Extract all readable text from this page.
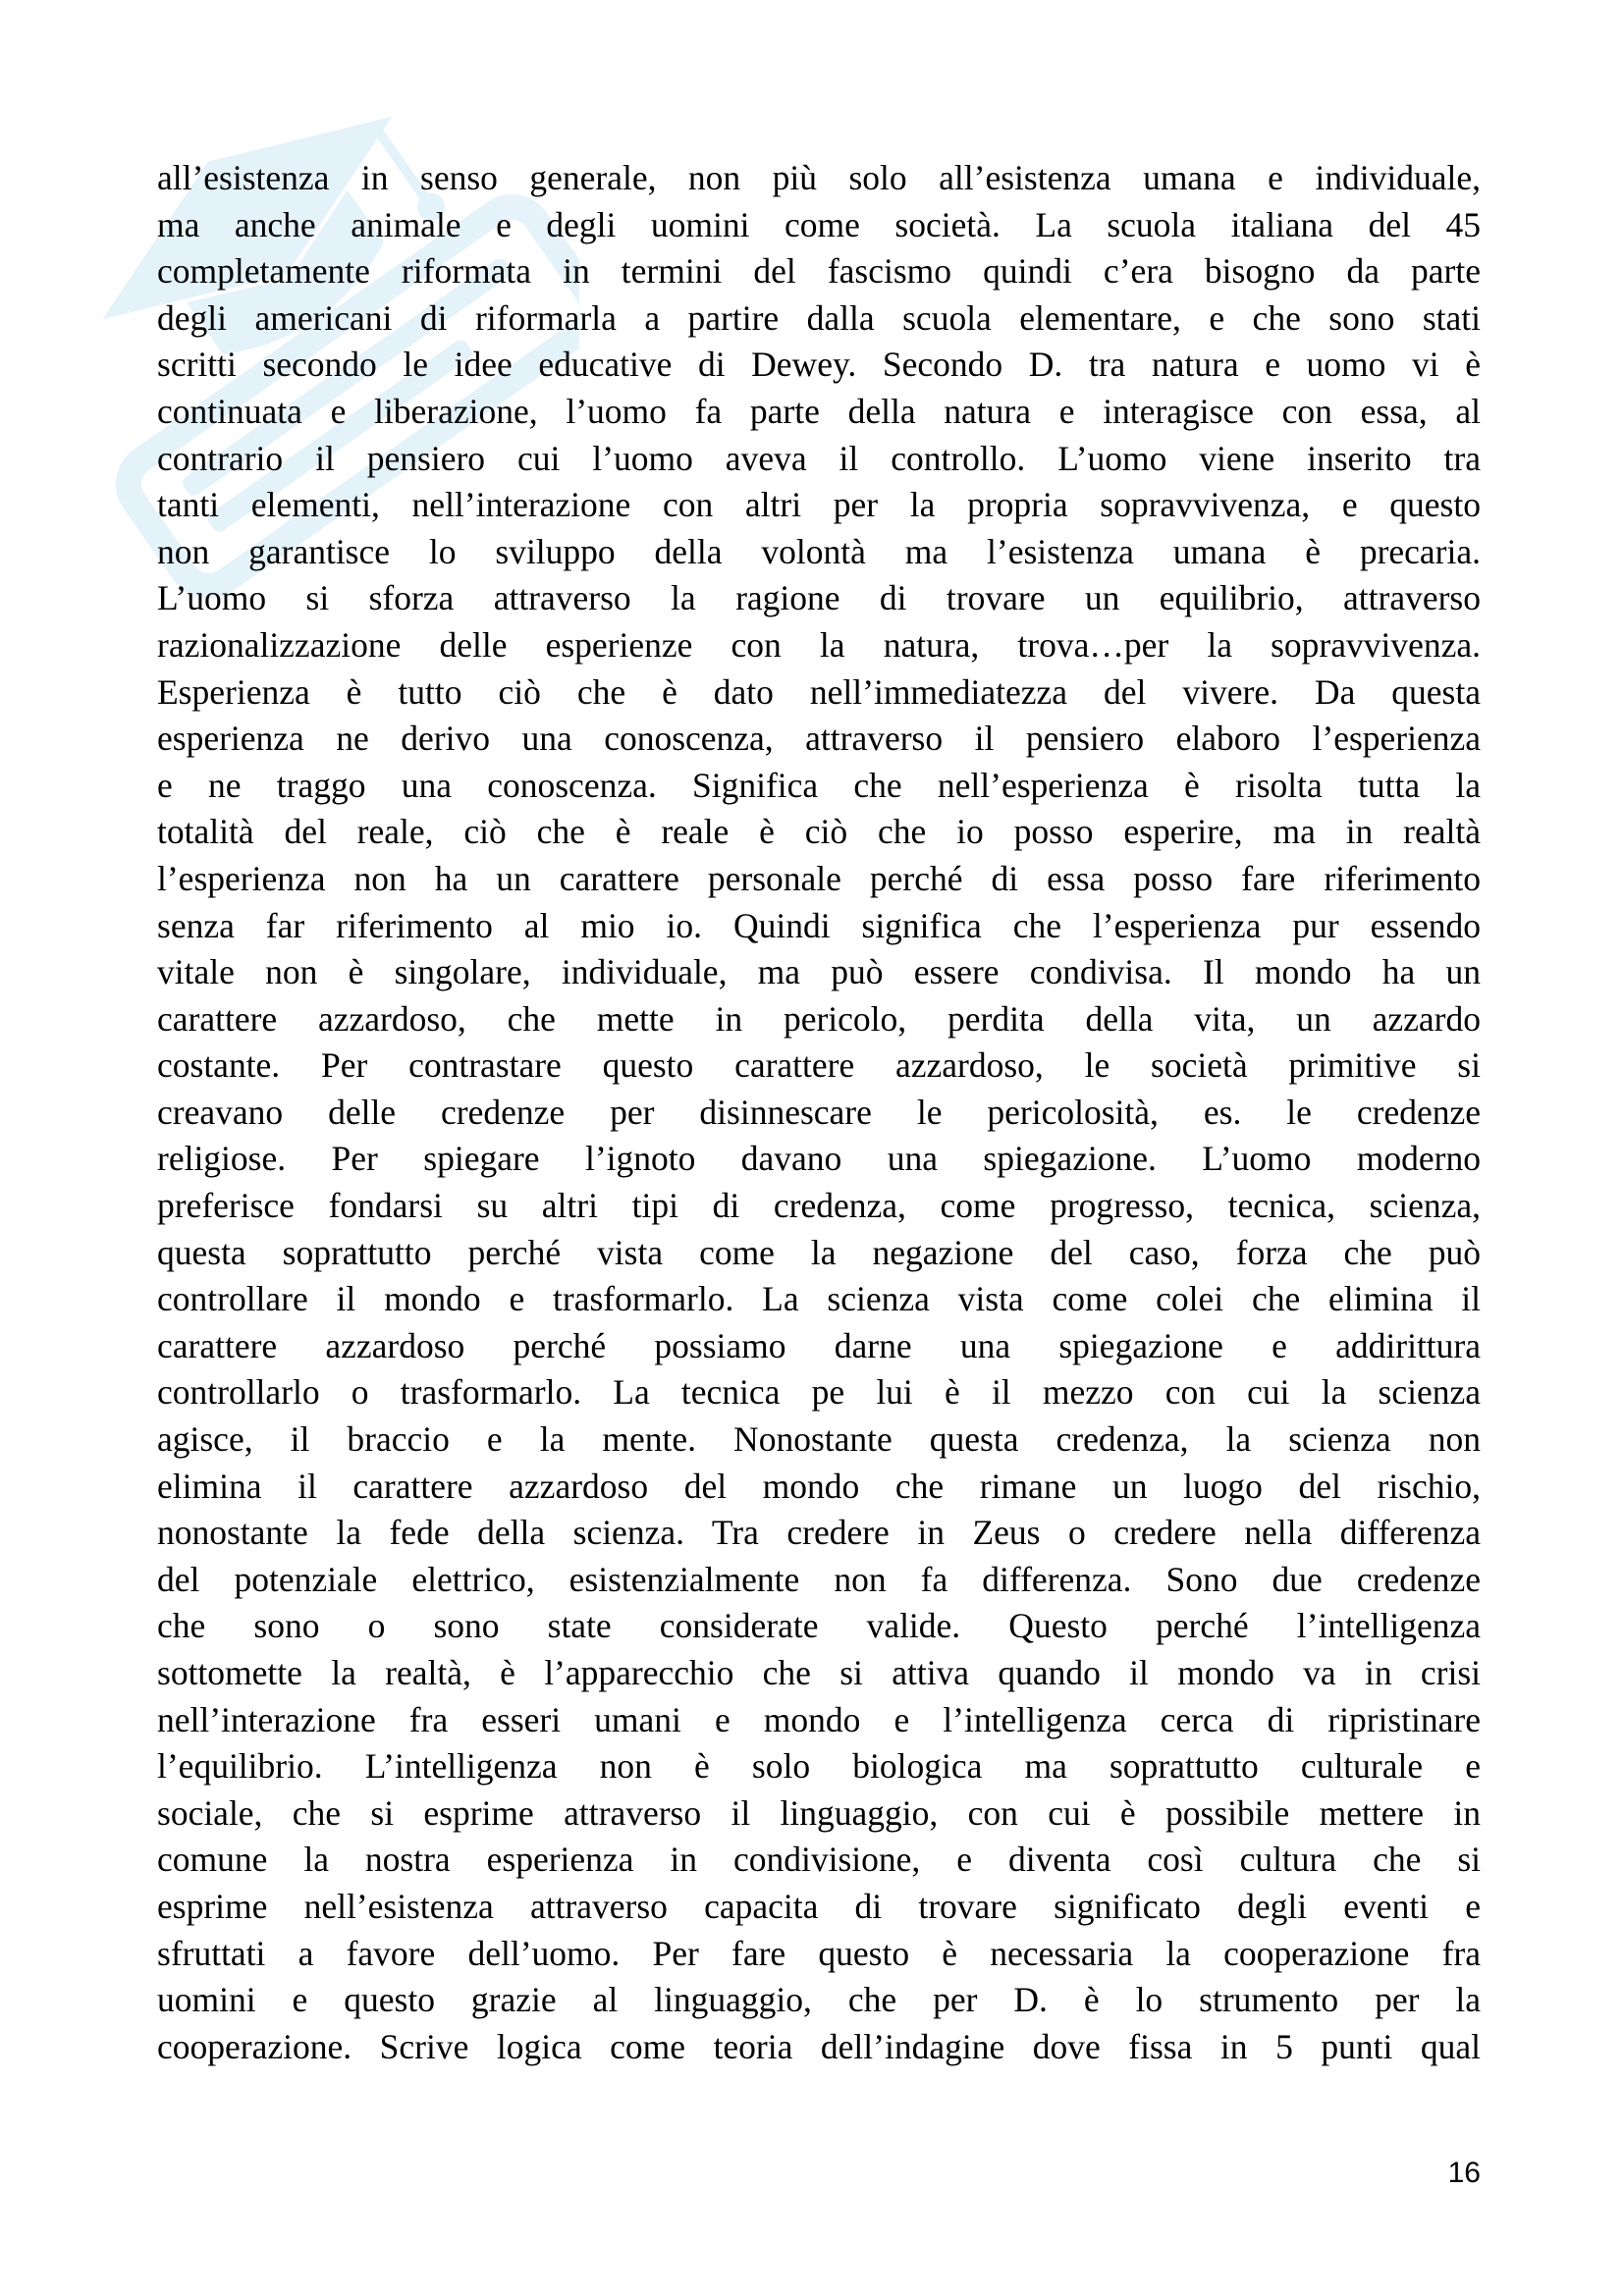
all’esistenza in senso generale, non più solo all’esistenza umana e individuale,
ma anche animale e degli uomini come società. La scuola italiana del 45
completamente riformata in termini del fascismo quindi c’era bisogno da parte
degli americani di riformarla a partire dalla scuola elementare, e che sono stati
scritti secondo le idee educative di Dewey. Secondo D. tra natura e uomo vi è
continuata e liberazione, l’uomo fa parte della natura e interagisce con essa, al
contrario il pensiero cui l’uomo aveva il controllo. L’uomo viene inserito tra
tanti elementi, nell’interazione con altri per la propria sopravvivenza, e questo
non garantisce lo sviluppo della volontà ma l’esistenza umana è precaria.
L’uomo si sforza attraverso la ragione di trovare un equilibrio, attraverso
razionalizzazione delle esperienze con la natura, trova…per la sopravvivenza.
Esperienza è tutto ciò che è dato nell’immediatezza del vivere. Da questa
esperienza ne derivo una conoscenza, attraverso il pensiero elaboro l’esperienza
e ne traggo una conoscenza. Significa che nell’esperienza è risolta tutta la
totalità del reale, ciò che è reale è ciò che io posso esperire, ma in realtà
l’esperienza non ha un carattere personale perché di essa posso fare riferimento
senza far riferimento al mio io. Quindi significa che l’esperienza pur essendo
vitale non è singolare, individuale, ma può essere condivisa. Il mondo ha un
carattere azzardoso, che mette in pericolo, perdita della vita, un azzardo
costante. Per contrastare questo carattere azzardoso, le società primitive si
creavano delle credenze per disinnescare le pericolosità, es. le credenze
religiose. Per spiegare l’ignoto davano una spiegazione. L’uomo moderno
preferisce fondarsi su altri tipi di credenza, come progresso, tecnica, scienza,
questa soprattutto perché vista come la negazione del caso, forza che può
controllare il mondo e trasformarlo. La scienza vista come colei che elimina il
carattere azzardoso perché possiamo darne una spiegazione e addirittura
controllarlo o trasformarlo. La tecnica pe lui è il mezzo con cui la scienza
agisce, il braccio e la mente. Nonostante questa credenza, la scienza non
elimina il carattere azzardoso del mondo che rimane un luogo del rischio,
nonostante la fede della scienza. Tra credere in Zeus o credere nella differenza
del potenziale elettrico, esistenzialmente non fa differenza. Sono due credenze
che sono o sono state considerate valide. Questo perché l’intelligenza
sottomette la realtà, è l’apparecchio che si attiva quando il mondo va in crisi
nell’interazione fra esseri umani e mondo e l’intelligenza cerca di ripristinare
l’equilibrio. L’intelligenza non è solo biologica ma soprattutto culturale e
sociale, che si esprime attraverso il linguaggio, con cui è possibile mettere in
comune la nostra esperienza in condivisione, e diventa così cultura che si
esprime nell’esistenza attraverso capacita di trovare significato degli eventi e
sfruttati a favore dell’uomo. Per fare questo è necessaria la cooperazione fra
uomini e questo grazie al linguaggio, che per D. è lo strumento per la
cooperazione. Scrive logica come teoria dell’indagine dove fissa in 5 punti qual
16
